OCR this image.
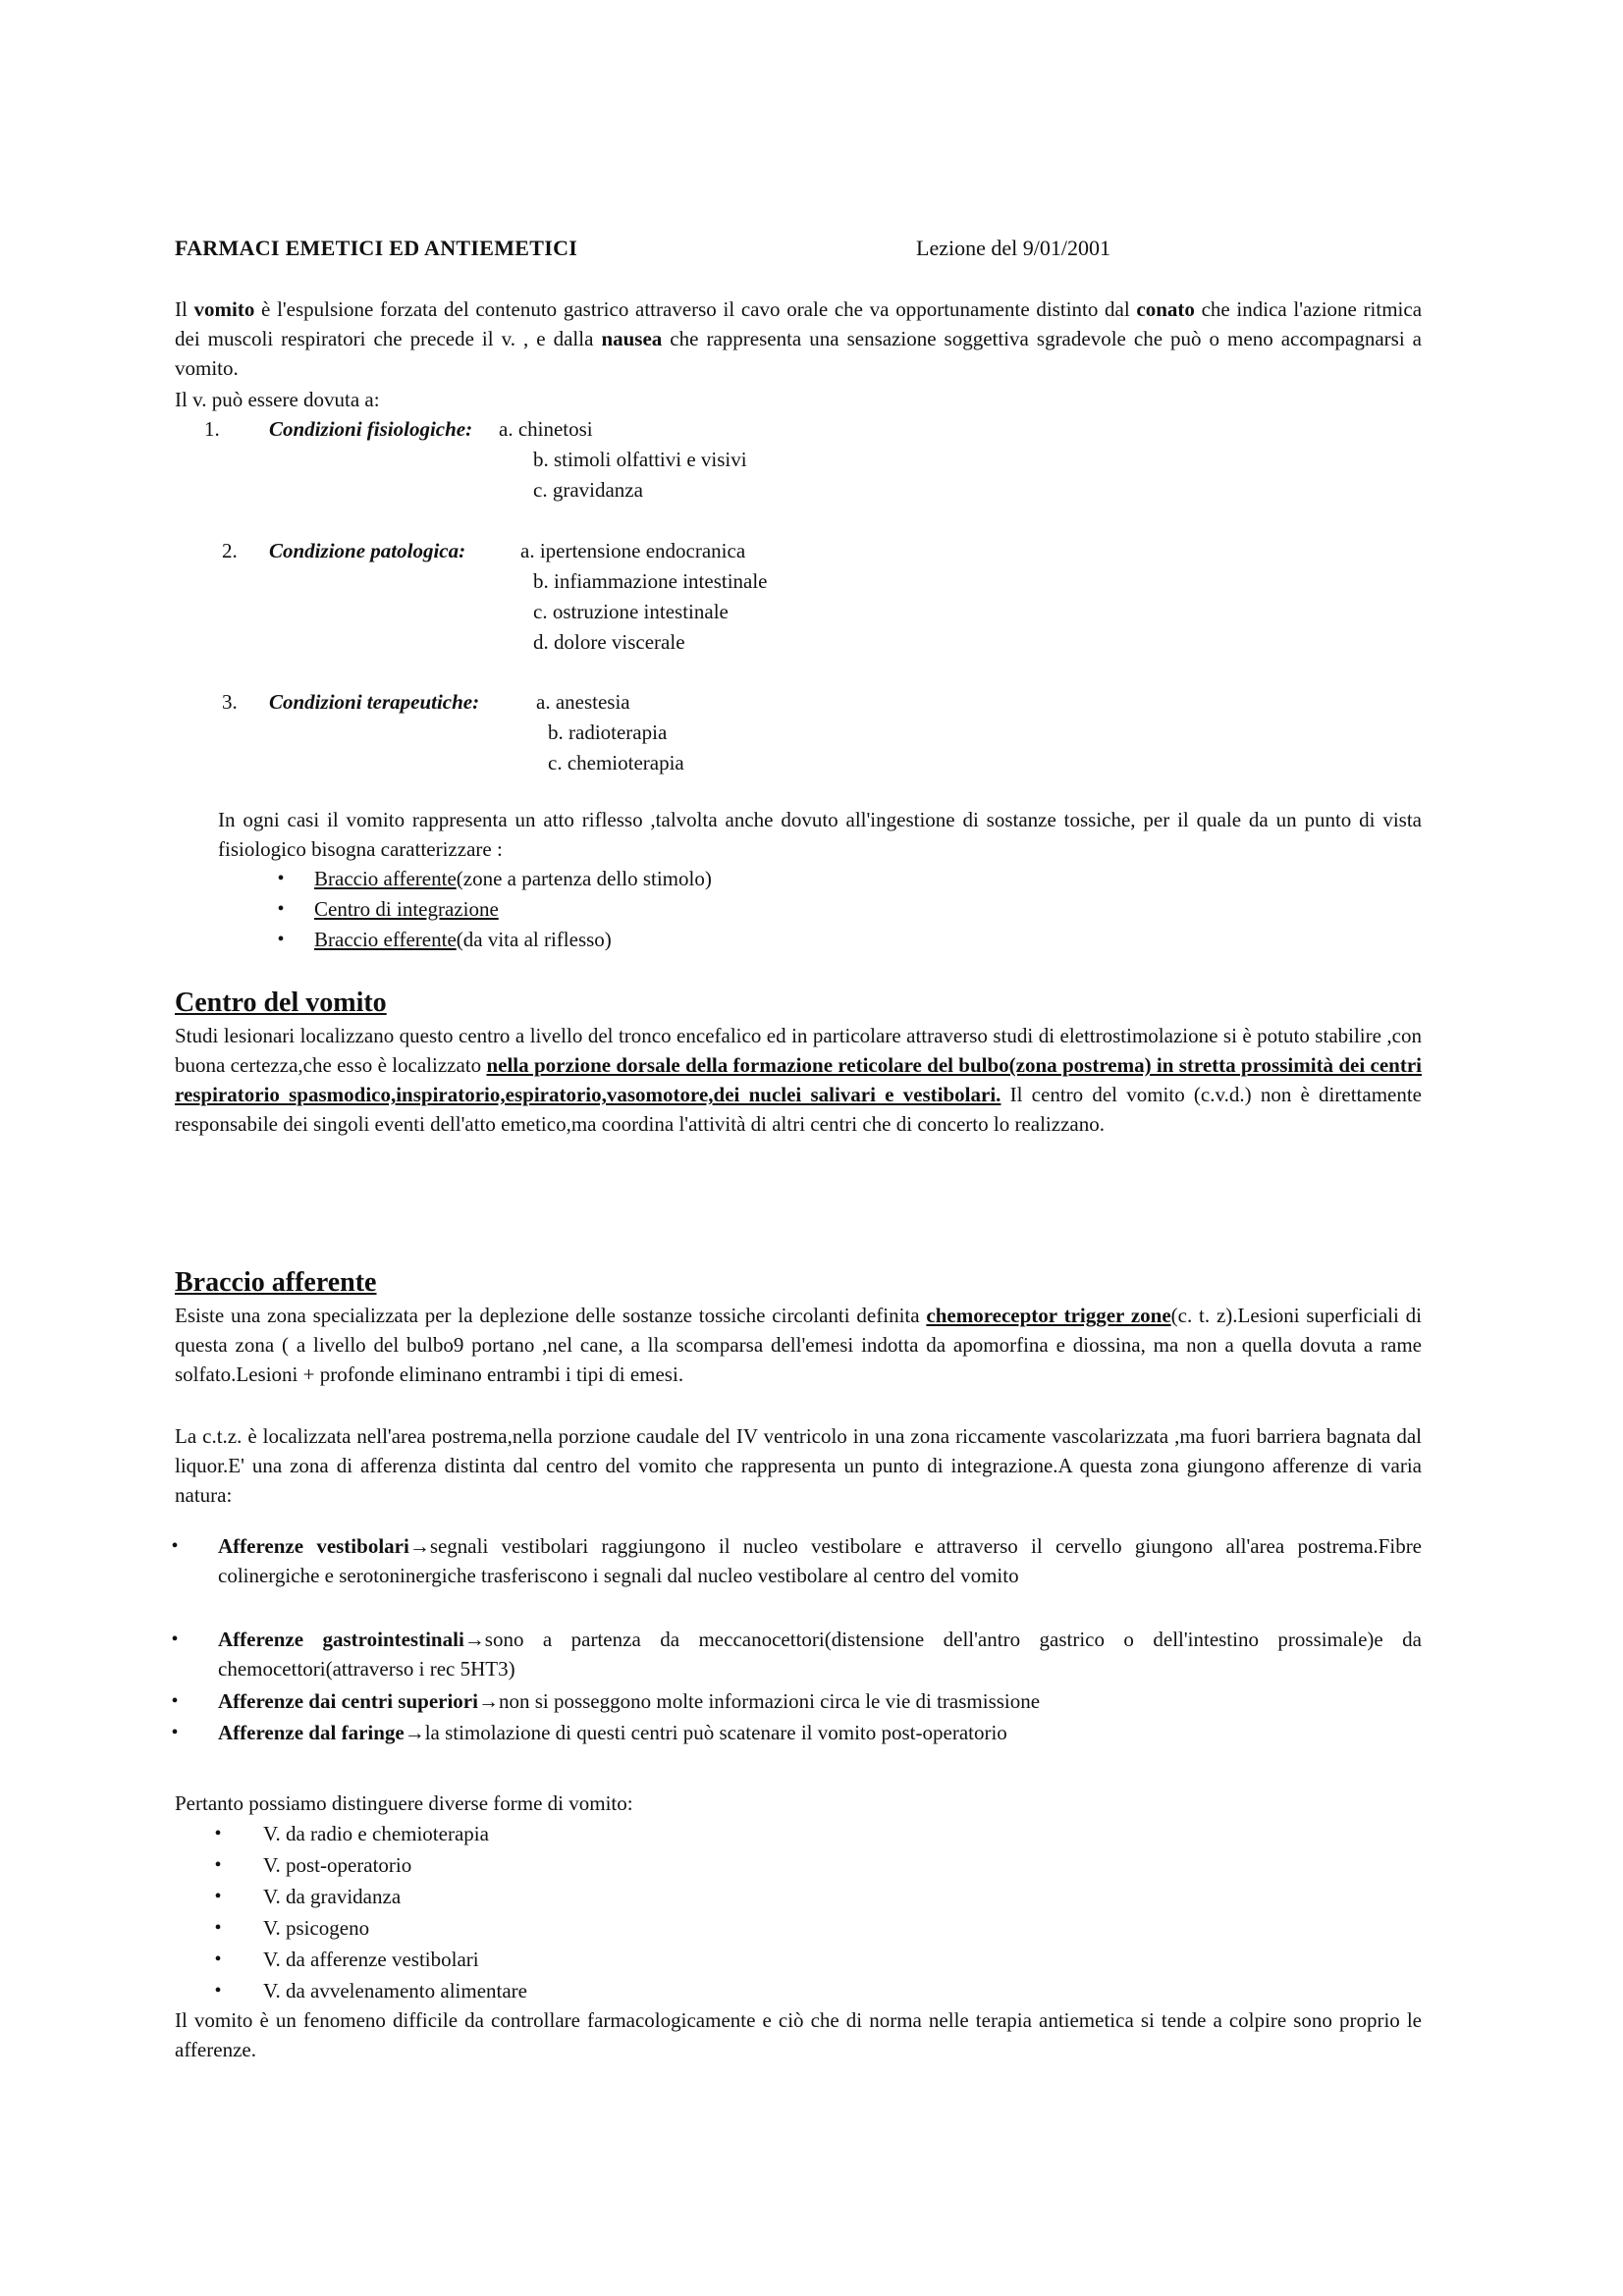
FARMACI EMETICI ED ANTIEMETICI	Lezione del 9/01/2001
Il vomito è l'espulsione forzata del contenuto gastrico attraverso il cavo orale che va opportunamente distinto dal conato che indica l'azione ritmica dei muscoli respiratori che precede il v. , e dalla nausea che rappresenta una sensazione soggettiva sgradevole che può o meno accompagnarsi a vomito.
Il v. può essere dovuta a:
1.	Condizioni fisiologiche: a. chinetosi
b. stimoli olfattivi e visivi
c. gravidanza
2.	Condizione patologica:	a. ipertensione endocranica
b. infiammazione intestinale
c. ostruzione intestinale
d. dolore viscerale
3.	Condizioni terapeutiche:	a. anestesia
b. radioterapia
c. chemioterapia
In ogni casi il vomito rappresenta un atto riflesso ,talvolta anche dovuto all'ingestione di sostanze tossiche, per il quale da un punto di vista fisiologico bisogna caratterizzare :
•	Braccio afferente(zone a partenza dello stimolo)
•	Centro di integrazione
•	Braccio efferente(da vita al riflesso)
Centro del vomito
Studi lesionari localizzano questo centro a livello del tronco encefalico ed in particolare attraverso studi di elettrostimolazione si è potuto stabilire ,con buona certezza,che esso è localizzato nella porzione dorsale della formazione reticolare del bulbo(zona postrema) in stretta prossimità dei centri respiratorio spasmodico,inspiratorio,espiratorio,vasomotore,dei nuclei salivari e vestibolari. Il centro del vomito (c.v.d.) non è direttamente responsabile dei singoli eventi dell'atto emetico,ma coordina l'attività di altri centri che di concerto lo realizzano.
Braccio afferente
Esiste una zona specializzata per la deplezione delle sostanze tossiche circolanti definita chemoreceptor trigger zone(c. t. z).Lesioni superficiali di questa zona ( a livello del bulbo9 portano ,nel cane, a lla scomparsa dell'emesi indotta da apomorfina e diossina, ma non a quella dovuta a rame solfato.Lesioni + profonde eliminano entrambi i tipi di emesi.
La c.t.z. è localizzata nell'area postrema,nella porzione caudale del IV ventricolo in una zona riccamente vascolarizzata ,ma fuori barriera bagnata dal liquor.E' una zona di afferenza distinta dal centro del vomito che rappresenta un punto di integrazione.A questa zona giungono afferenze di varia natura:
•	Afferenze vestibolari→segnali vestibolari raggiungono il nucleo vestibolare e attraverso il cervello giungono all'area postrema.Fibre colinergiche e serotoninergiche trasferiscono i segnali dal nucleo vestibolare al centro del vomito
•	Afferenze gastrointestinali→sono a partenza da meccanocettori(distensione dell'antro gastrico o dell'intestino prossimale)e da chemocettori(attraverso i rec 5HT3)
•	Afferenze dai centri superiori→non si posseggono molte informazioni circa le vie di trasmissione
•	Afferenze dal faringe→la stimolazione di questi centri può scatenare il vomito post-operatorio
Pertanto possiamo distinguere diverse forme di vomito:
•	V. da radio e chemioterapia
•	V. post-operatorio
•	V. da gravidanza
•	V. psicogeno
•	V. da afferenze vestibolari
•	V. da avvelenamento alimentare
Il vomito è un fenomeno difficile da controllare farmacologicamente e ciò che di norma nelle terapia antiemetica si tende a colpire sono proprio le afferenze.
